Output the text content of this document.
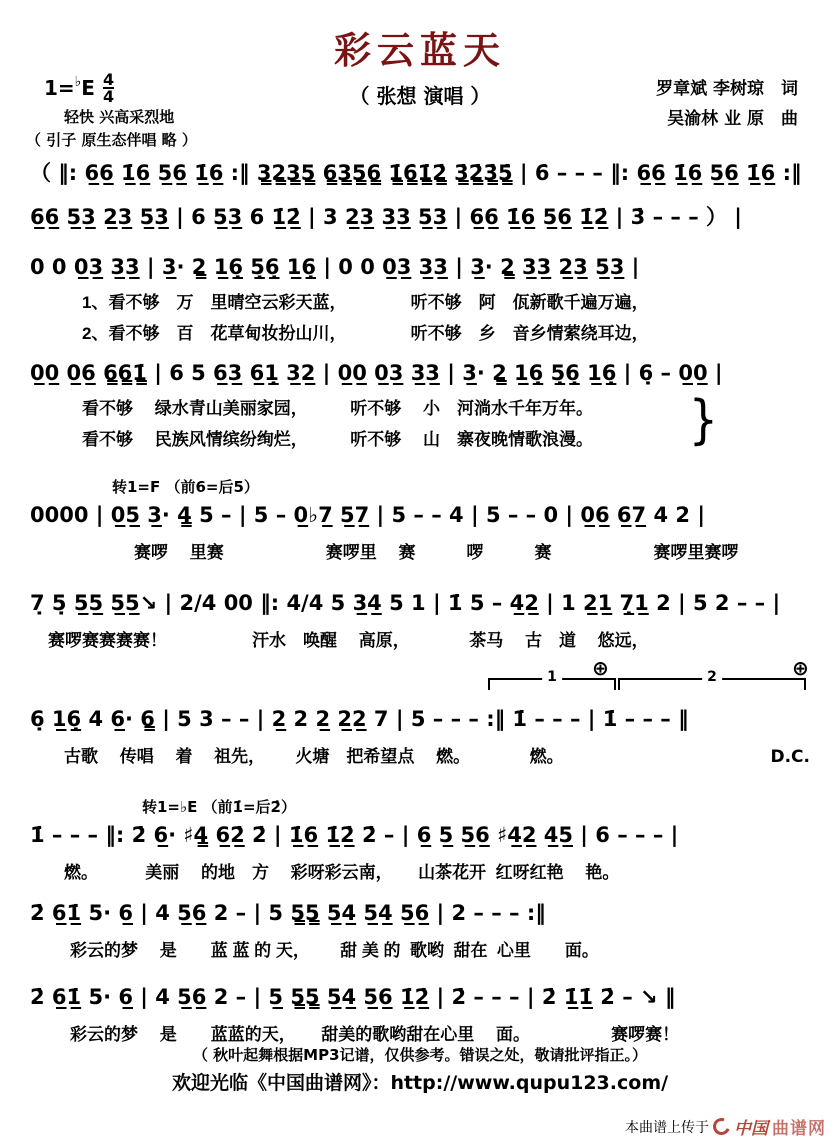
彩云蓝天
（ 张想 演唱 ）
1= ♭ E $\frac{4}{4}$
轻快 兴高采烈地
（ 引子 原生态伴唱 略 ）
罗章斌 李树琼　词
吴渝林 业 原　曲
（ ‖: 6̲6̲ 1̲̇6̲ 5̲6̲ 1̲̇6̲ :‖ 3̳2̳3̳5̳ 6̳3̳5̳6̳ 1̳̇6̳̇1̳̇2̳̇ 3̳̇2̳̇3̳̇5̳̇ | 6̇ – – – ‖: 6̲6̲ 1̲̇6̲ 5̲6̲ 1̲̇6̲ :‖
6̲6̲ 5̲3̲ 2̲3̲ 5̲3̲ | 6 5̲3̲ 6 1̲̇2̲̇ | 3 2̲3̲ 3̲3̲ 5̲3̲ | 6̲6̲ 1̲̇6̲ 5̲6̲ 1̲̇2̲̇ | 3̇ – – – ） |
0 0 0̲3̲ 3̲3̲ | 3̲· 2̳ 1̲6̲̣ 5̲̣6̲̣ 1̲6̲̣ | 0 0 0̲3̲ 3̲3̲ | 3̲· 2̳ 3̲3̲ 2̲3̲ 5̲3̲ |
1、看不够　万　里晴空云彩天蓝，　　　　 听不够　阿　佤新歌千遍万遍，
2、看不够　百　花草甸妆扮山川，　　　　 听不够　乡　音乡情萦绕耳边，
0̲0̲ 0̲6̲ 6̳6̳1̳̇ | 6 5 6̲3̲ 6̲1̲̣ 3̲2̲ | 0̲0̲ 0̲3̲ 3̲3̲ | 3̲· 2̳ 1̲6̲̣ 5̲̣6̲̣ 1̲6̲̣ | 6̣ – 0̲0̲ |
看不够　 绿水青山美丽家园，　　　听不够　 小　河淌水千年万年。
看不够　 民族风情缤纷绚烂，　　　听不够　 山　寨夜晚情歌浪漫。	}
转1=F （前6=后5）
0000 | 0̲5̲ 3̲· 4̳ 5 – | 5 – 0̲♭7̲ 5̲7̲ | 5 – – 4 | 5 – – 0 | 0̲6̲ 6̲7̲ 4 2 |
赛啰　 里赛　　　　　　赛啰里　 赛　　　啰　　　赛　　　　　　赛啰里赛啰
7̣ 5̣ 5̲5̲ 5̲5̲↘ | 2/4 00 ‖: 4/4 5 3̲4̲ 5 1 | 1̇ 5 – 4̲2̲ | 1 2̲1̲ 7̲̣1̲ 2 | 5 2 – – |
赛啰赛赛赛赛！　　　　　汗水　唤醒　 高原，　　　　茶马　 古　道　 悠远，
⊕	⊕
1	2
6̣ 1̲6̲̣ 4 6̲· 6̳ | 5 3 – – | 2̲ 2 2̲ 2̲2̲ 7 | 5 – – – :‖ 1̇ – – – | 1̇ – – – ‖
古歌　 传唱　 着　 祖先，　　 火塘　把希望点　 燃。　　　　燃。	D.C.
转1=♭E （前1̇=后2̇）
1̇ – – – ‖: 2̇ 6̲· ♯4̳ 6̲2̲̇ 2̇ | 1̲̇6̲ 1̲̇2̲̇ 2̇ – | 6̲ 5̲ 5̲6̲ ♯4̲2̲ 4̲5̲ | 6 – – – |
燃。　　　 美丽　 的地　方　 彩呀彩云南，　　山茶花开  红呀红艳　 艳。
2̇ 6̲1̲̇ 5· 6̲ | 4 5̲6̲ 2 – | 5 5̳5̳ 5̲4̲ 5̲4̲ 5̲6̲ | 2 – – – :‖
彩云的梦　 是　　蓝 蓝 的 天，　　 甜 美 的  歌哟  甜在  心里　　面。
2̇ 6̲1̲̇ 5· 6̲ | 4 5̲6̲ 2 – | 5̲ 5̳5̳ 5̲4̲ 5̲6̲ 1̲̇2̲̇ | 2̇ – – – | 2̇ 1̲̇1̲̇ 2̇ – ↘ ‖
彩云的梦　 是　　蓝蓝的天，　　甜美的歌哟甜在心里　 面。　　　　　 赛啰赛！
（ 秋叶起舞根据MP3记谱，仅供参考。错误之处，敬请批评指正。）
欢迎光临《中国曲谱网》：http://www.qupu123.com/
本曲谱上传于 中国 曲谱网
